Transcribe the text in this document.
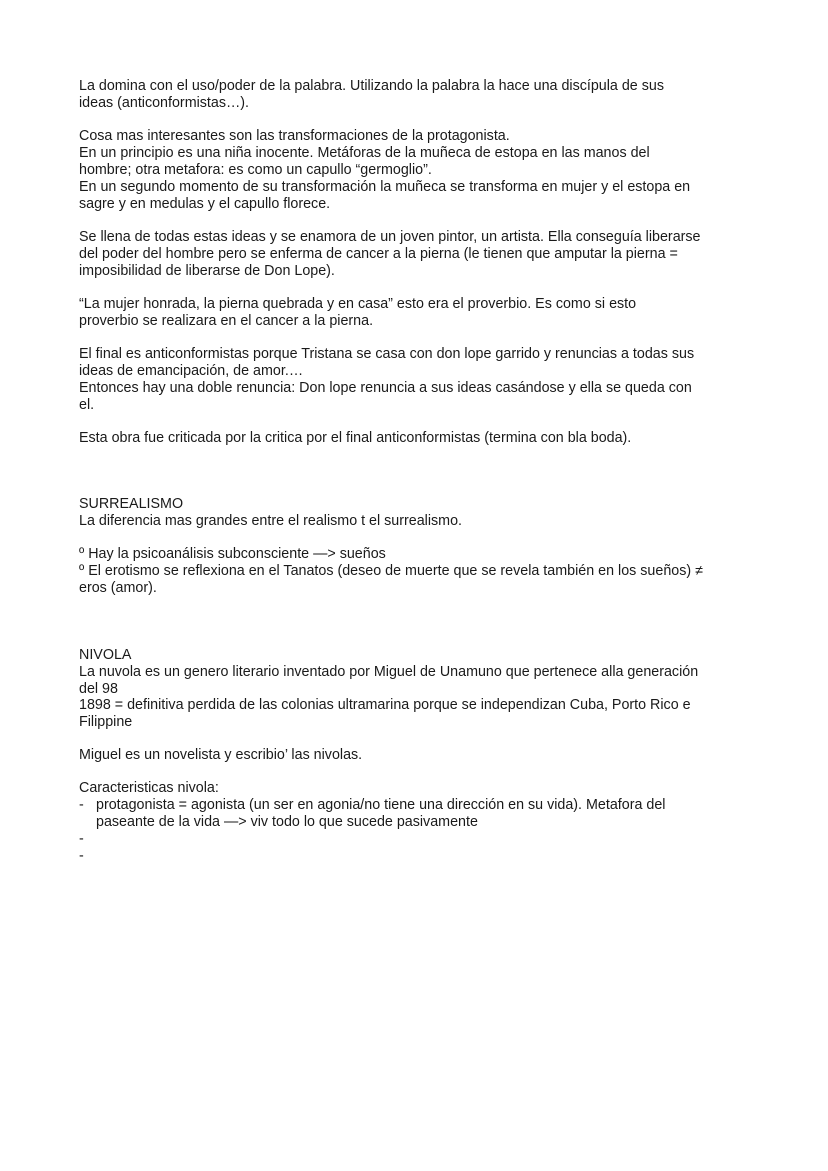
La domina con el uso/poder de la palabra. Utilizando la palabra la hace una discípula de sus
ideas (anticonformistas…).
Cosa mas interesantes son las transformaciones de la protagonista.
En un principio es una niña inocente. Metáforas de la muñeca de estopa en las manos del
hombre; otra metafora: es como un capullo “germoglio”.
En un segundo momento de su transformación la muñeca se transforma en mujer y el estopa en
sagre y en medulas y el capullo florece.
Se llena de todas estas ideas y se enamora de un joven pintor, un artista. Ella conseguía liberarse
del poder del hombre pero se enferma de cancer a la pierna (le tienen que amputar la pierna =
imposibilidad de liberarse de Don Lope).
“La mujer honrada, la pierna quebrada y en casa” esto era el proverbio. Es como si esto
proverbio se realizara en el cancer a la pierna.
El final es anticonformistas porque Tristana se casa con don lope garrido y renuncias a todas sus
ideas de emancipación, de amor.…
Entonces hay una doble renuncia: Don lope renuncia a sus ideas casándose y ella se queda con
el.
Esta obra fue criticada por la critica por el final anticonformistas (termina con bla boda).
SURREALISMO
La diferencia mas grandes entre el realismo t el surrealismo.
º Hay la psicoanálisis subconsciente —> sueños
º El erotismo se reflexiona en el Tanatos (deseo de muerte que se revela también en los sueños) ≠
eros (amor).
NIVOLA
La nuvola es un genero literario inventado por Miguel de Unamuno que pertenece alla generación
del 98
1898 = definitiva perdida de las colonias ultramarina porque se independizan Cuba, Porto Rico e
Filippine
Miguel es un novelista y escribio’ las nivolas.
Caracteristicas nivola:
- protagonista = agonista (un ser en agonia/no tiene una dirección en su vida). Metafora del
paseante de la vida —> viv todo lo que sucede pasivamente
-
-
